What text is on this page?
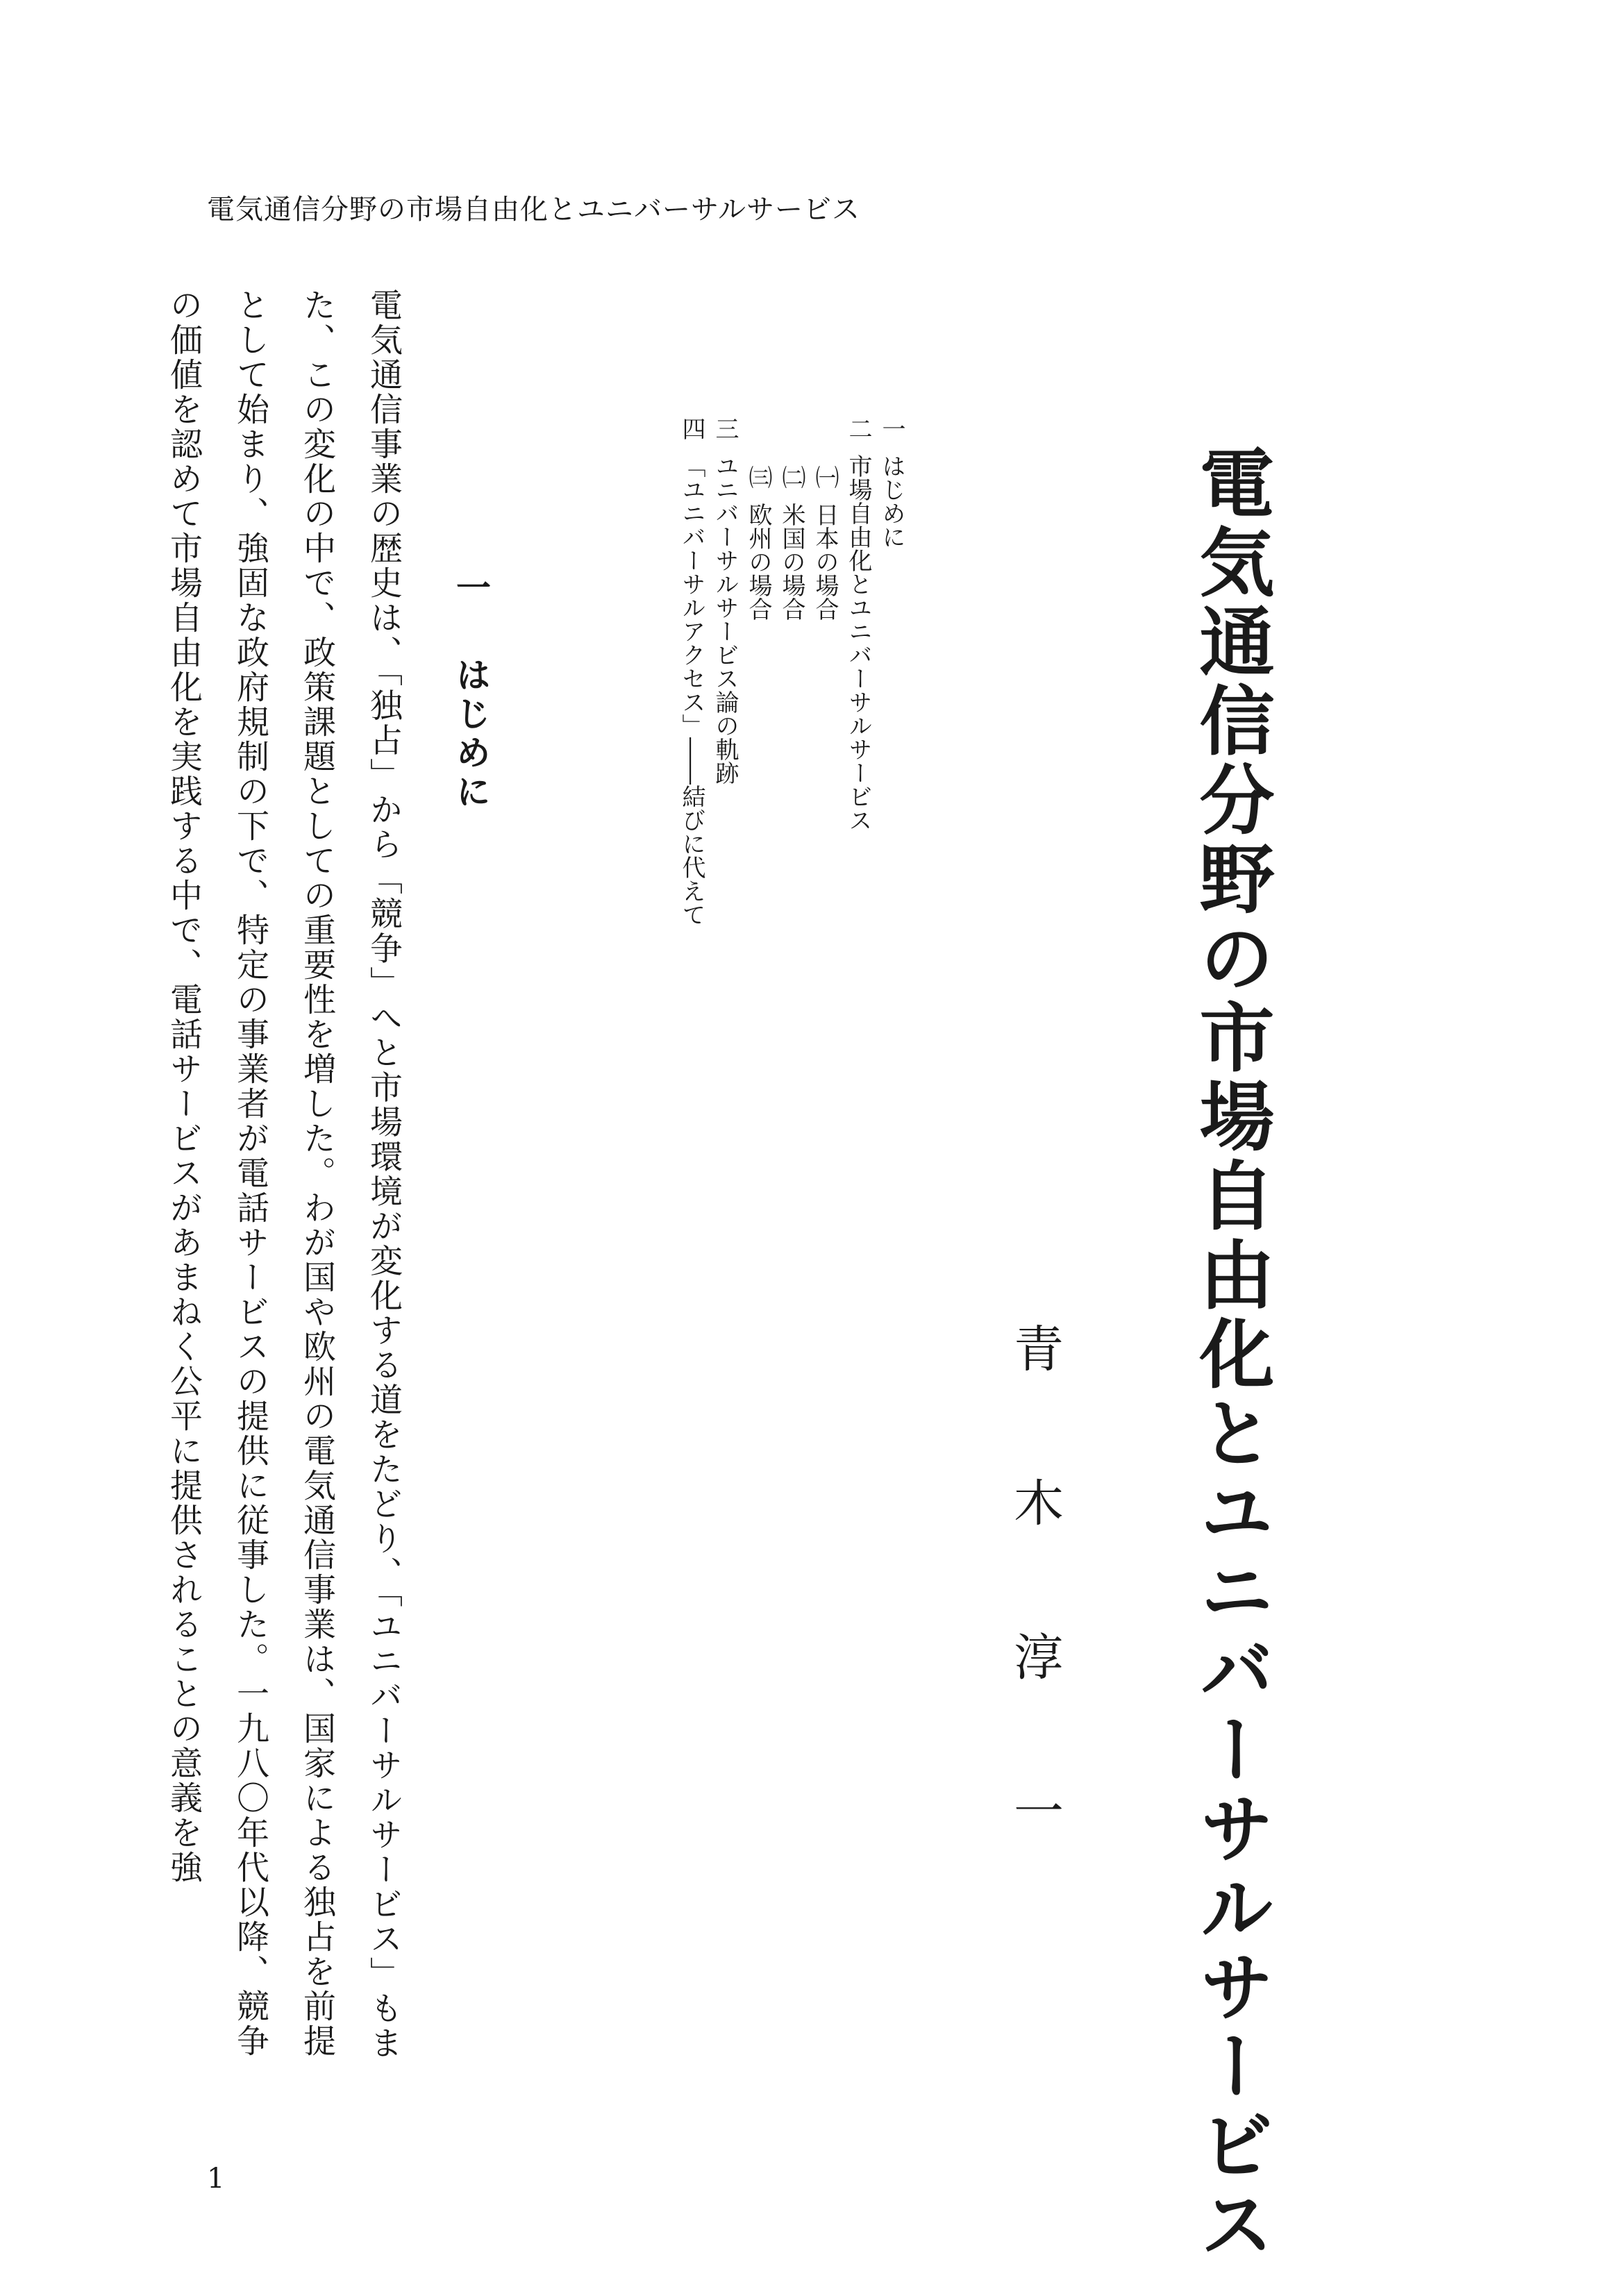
電気通信分野の市場自由化とユニバーサルサービス
電気通信分野の市場自由化とユニバーサルサービス
青木淳一
一はじめに
二市場自由化とユニバーサルサービス
㈠日本の場合
㈡米国の場合
㈢欧州の場合
三ユニバーサルサービス論の軌跡
四「ユニバーサルアクセス」――結びに代えて
一はじめに

電気通信事業の歴史は、「独占」から「競争」へと市場環境が変化する道をたどり、「ユニバーサルサービス」もまた、この変化の中で、政策課題としての重要性を増した。わが国や欧州の電気通信事業は、国家による独占を前提として始まり、強固な政府規制の下で、特定の事業者が電話サービスの提供に従事した。一九八〇年代以降、競争の価値を認めて市場自由化を実践する中で、電話サービスがあまねく公平に提供されることの意義を強

1
